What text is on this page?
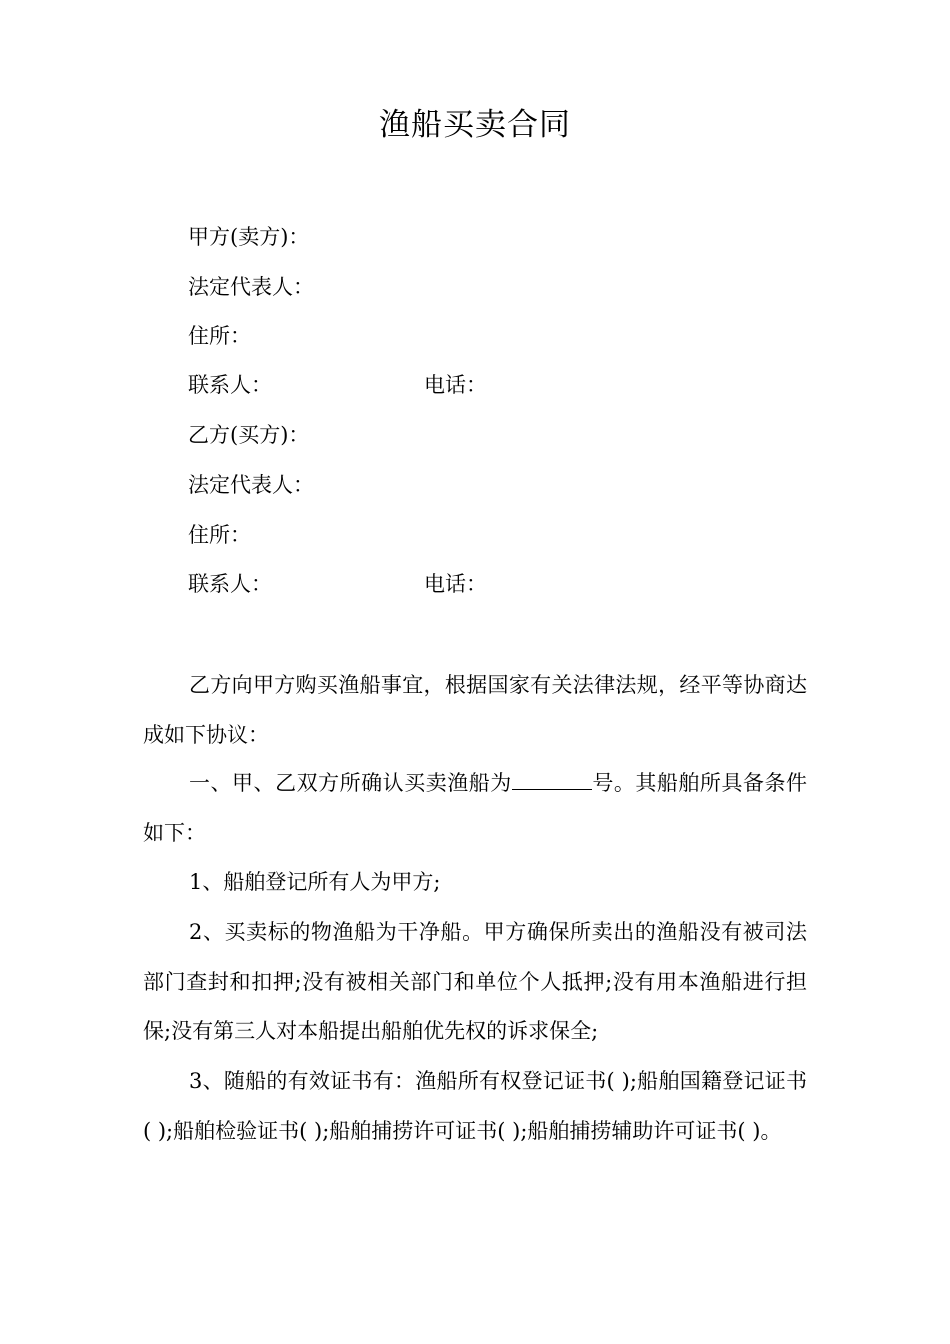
渔船买卖合同
甲方(卖方)：
法定代表人：
住所：
联系人：	电话：
乙方(买方)：
法定代表人：
住所：
联系人：	电话：

乙方向甲方购买渔船事宜，根据国家有关法律法规，经平等协商达成如下协议：

一、甲、乙双方所确认买卖渔船为	号。其船舶所具备条件如下：

1、船舶登记所有人为甲方;

2、买卖标的物渔船为干净船。甲方确保所卖出的渔船没有被司法部门查封和扣押;没有被相关部门和单位个人抵押;没有用本渔船进行担保;没有第三人对本船提出船舶优先权的诉求保全;

3、随船的有效证书有：渔船所有权登记证书( );船舶国籍登记证书( );船舶检验证书( );船舶捕捞许可证书( );船舶捕捞辅助许可证书( )。
